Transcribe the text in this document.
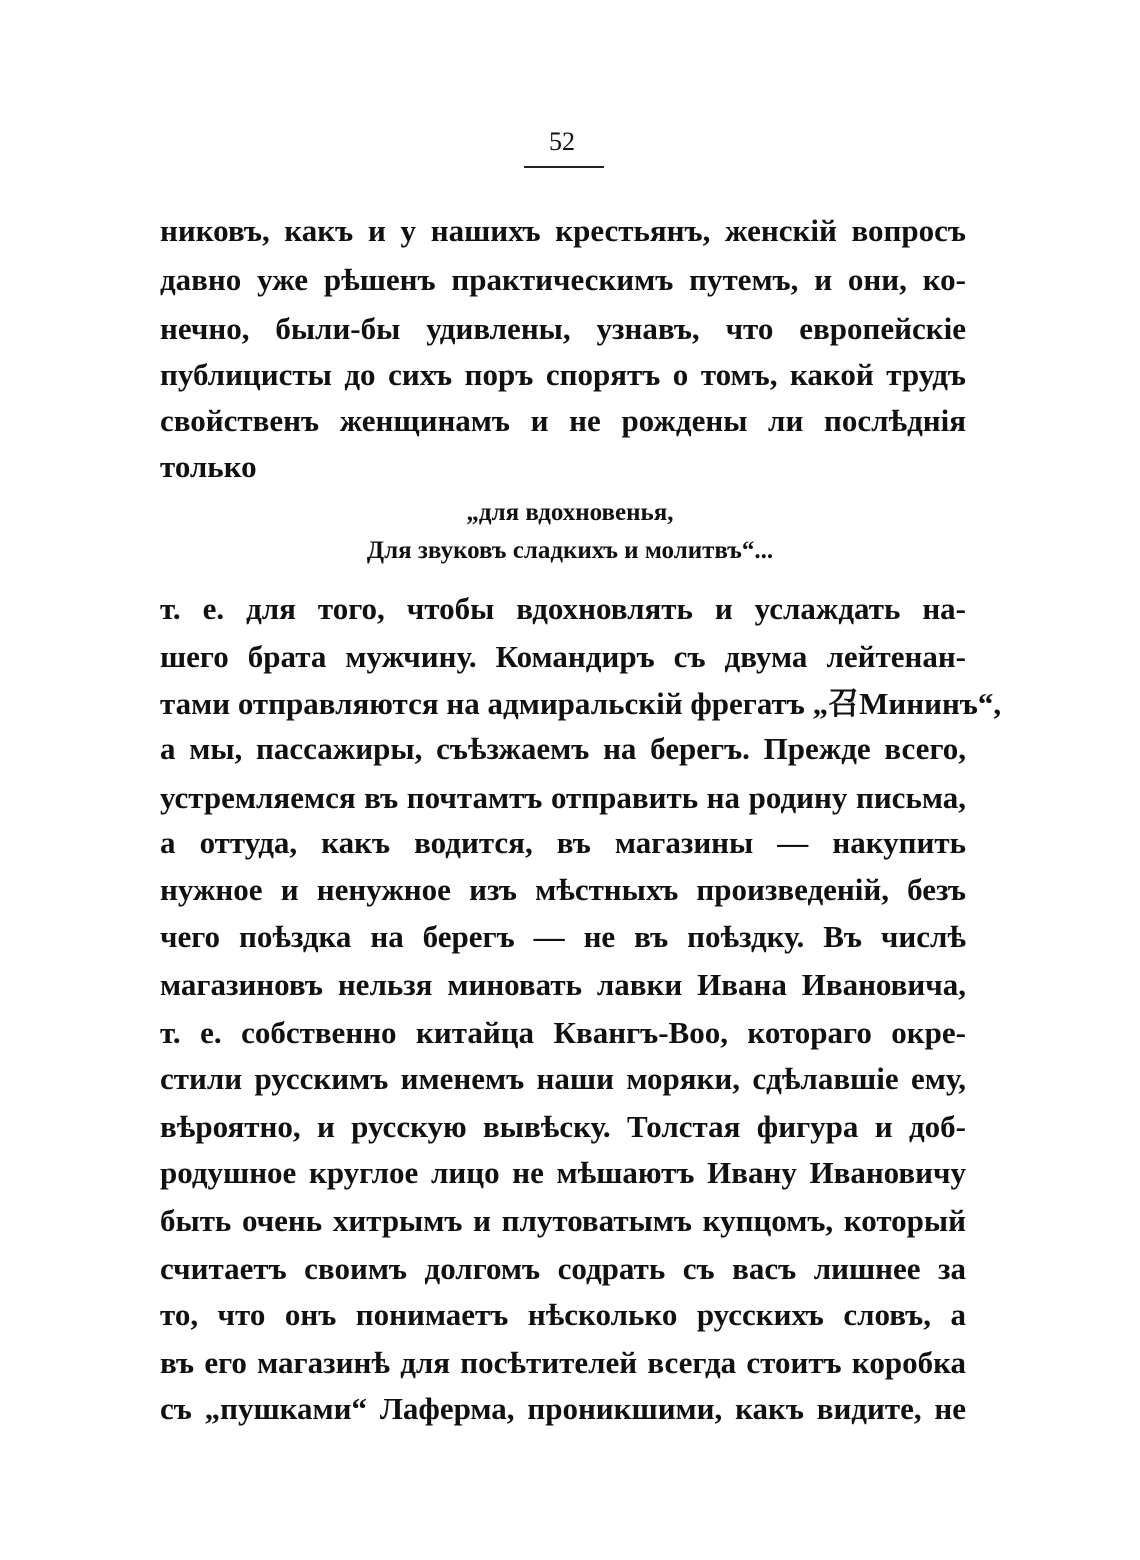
52
никовъ, какъ и у нашихъ крестьянъ, женскій вопросъ
давно уже рѣшенъ практическимъ путемъ, и они, ко-
нечно, были-бы удивлены, узнавъ, что европейскіе
публицисты до сихъ поръ спорятъ о томъ, какой трудъ
свойственъ женщинамъ и не рождены ли послѣднія
только
„для вдохновенья,
Для звуковъ сладкихъ и молитвъ“...
т. е. для того, чтобы вдохновлять и услаждать на-
шего брата мужчину. Командиръ съ двума лейтенан-
тами отправляются на адмиральскій фрегатъ „召Мининъ“,
а мы, пассажиры, съѣзжаемъ на берегъ. Прежде всего,
устремляемся въ почтамтъ отправить на родину письма,
а оттуда, какъ водится, въ магазины — накупить
нужное и ненужное изъ мѣстныхъ произведеній, безъ
чего поѣздка на берегъ — не въ поѣздку. Въ числѣ
магазиновъ нельзя миновать лавки Ивана Ивановича,
т. е. собственно китайца Квангъ-Воо, котораго окре-
стили русскимъ именемъ наши моряки, сдѣлавшіе ему,
вѣроятно, и русскую вывѣску. Толстая фигура и доб-
родушное круглое лицо не мѣшаютъ Ивану Ивановичу
быть очень хитрымъ и плутоватымъ купцомъ, который
считаетъ своимъ долгомъ содрать съ васъ лишнее за
то, что онъ понимаетъ нѣсколько русскихъ словъ, а
въ его магазинѣ для посѣтителей всегда стоитъ коробка
съ „пушками“ Лаферма, проникшими, какъ видите, не
